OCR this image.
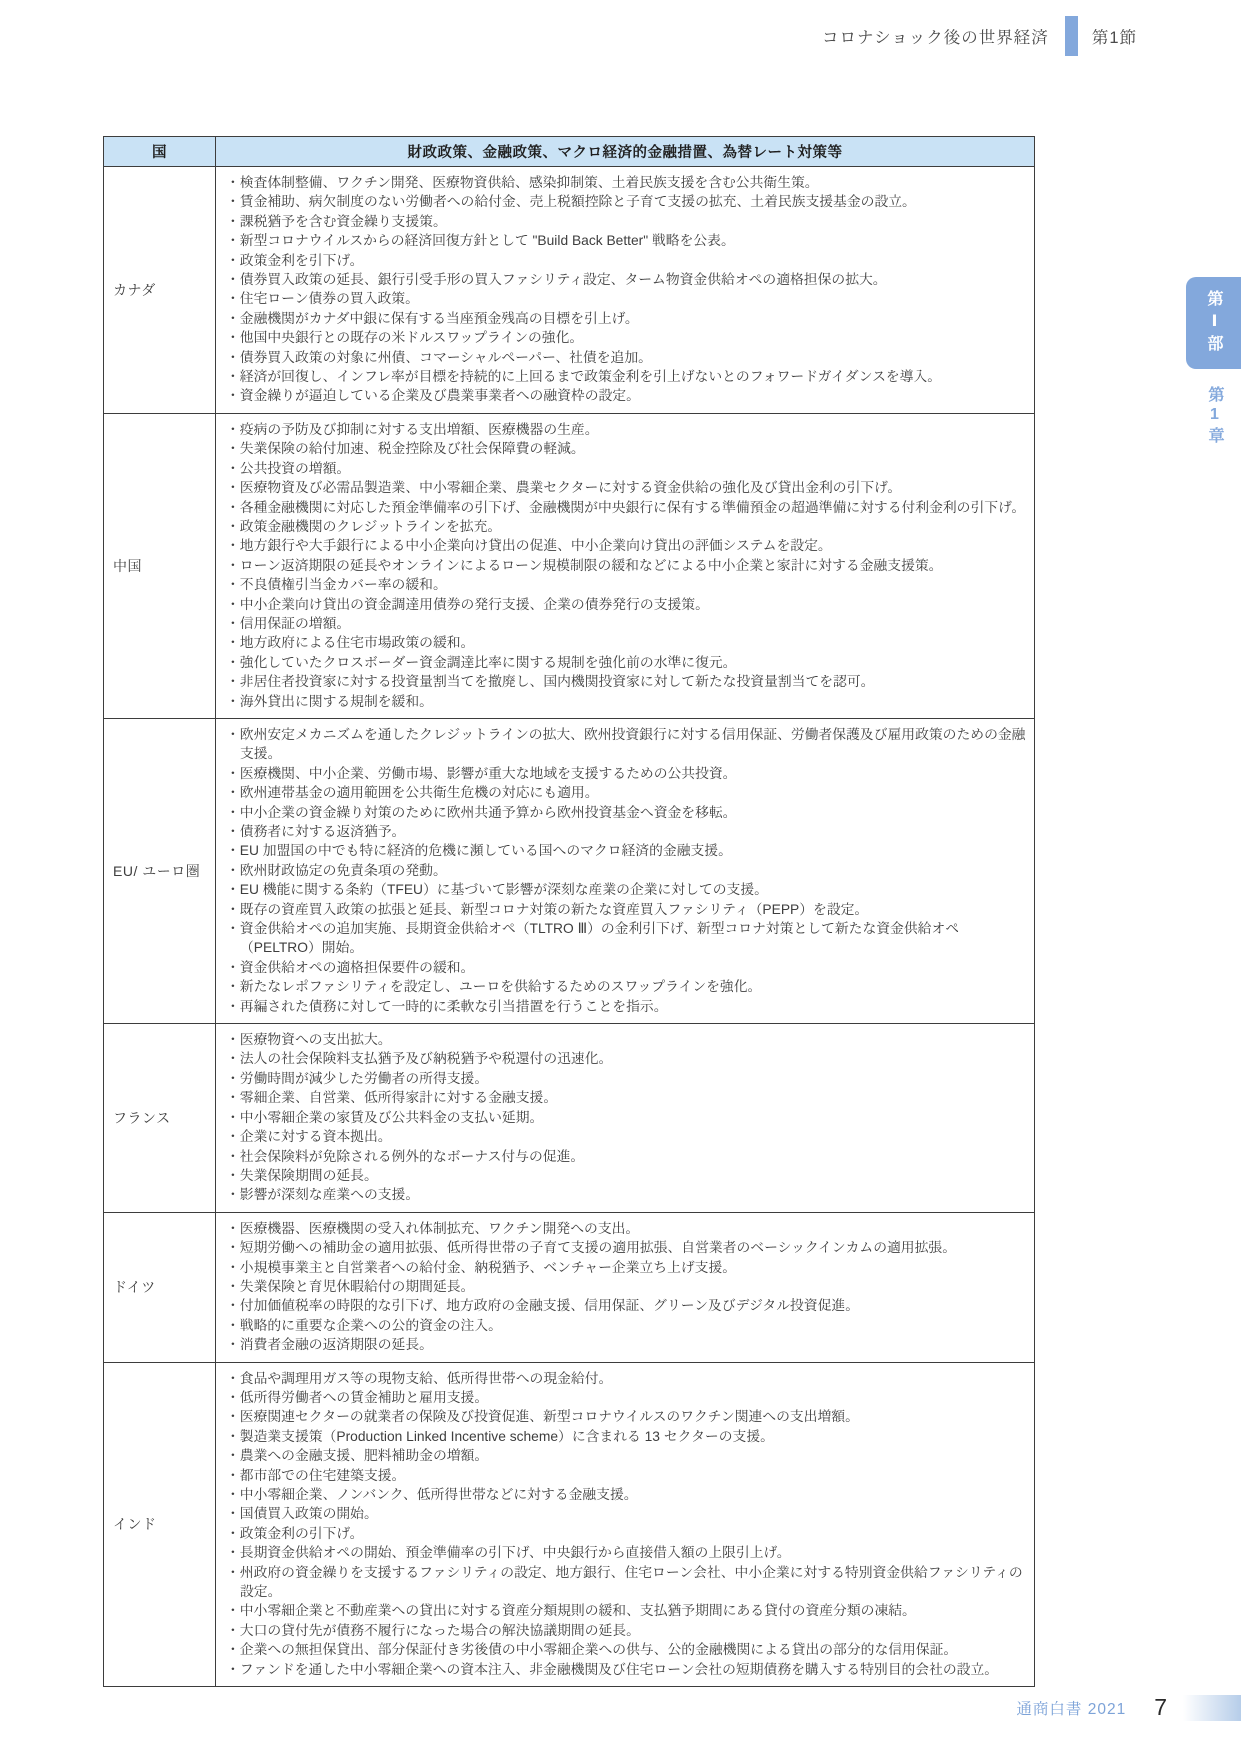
コロナショック後の世界経済	第1節
国	財政政策、金融政策、マクロ経済的金融措置、為替レート対策等
カナダ	
・ 検査体制整備、ワクチン開発、医療物資供給、感染抑制策、土着民族支援を含む公共衛生策。
・ 賃金補助、病欠制度のない労働者への給付金、売上税額控除と子育て支援の拡充、土着民族支援基金の設立。
・ 課税猶予を含む資金繰り支援策。
・ 新型コロナウイルスからの経済回復方針として "Build Back Better" 戦略を公表。
・ 政策金利を引下げ。
・ 債券買入政策の延長、銀行引受手形の買入ファシリティ設定、ターム物資金供給オペの適格担保の拡大。
・ 住宅ローン債券の買入政策。
・ 金融機関がカナダ中銀に保有する当座預金残高の目標を引上げ。
・ 他国中央銀行との既存の米ドルスワップラインの強化。
・ 債券買入政策の対象に州債、コマーシャルペーパー、社債を追加。
・ 経済が回復し、インフレ率が目標を持続的に上回るまで政策金利を引上げないとのフォワードガイダンスを導入。
・ 資金繰りが逼迫している企業及び農業事業者への融資枠の設定。

中国	
・ 疫病の予防及び抑制に対する支出増額、医療機器の生産。
・ 失業保険の給付加速、税金控除及び社会保障費の軽減。
・ 公共投資の増額。
・ 医療物資及び必需品製造業、中小零細企業、農業セクターに対する資金供給の強化及び貸出金利の引下げ。
・ 各種金融機関に対応した預金準備率の引下げ、金融機関が中央銀行に保有する準備預金の超過準備に対する付利金利の引下げ。
・ 政策金融機関のクレジットラインを拡充。
・ 地方銀行や大手銀行による中小企業向け貸出の促進、中小企業向け貸出の評価システムを設定。
・ ローン返済期限の延長やオンラインによるローン規模制限の緩和などによる中小企業と家計に対する金融支援策。
・ 不良債権引当金カバー率の緩和。
・ 中小企業向け貸出の資金調達用債券の発行支援、企業の債券発行の支援策。
・ 信用保証の増額。
・ 地方政府による住宅市場政策の緩和。
・ 強化していたクロスボーダー資金調達比率に関する規制を強化前の水準に復元。
・ 非居住者投資家に対する投資量割当てを撤廃し、国内機関投資家に対して新たな投資量割当てを認可。
・ 海外貸出に関する規制を緩和。

EU/ ユーロ圏	
・ 欧州安定メカニズムを通したクレジットラインの拡大、欧州投資銀行に対する信用保証、労働者保護及び雇用政策のための金融支援。
・ 医療機関、中小企業、労働市場、影響が重大な地域を支援するための公共投資。
・ 欧州連帯基金の適用範囲を公共衛生危機の対応にも適用。
・ 中小企業の資金繰り対策のために欧州共通予算から欧州投資基金へ資金を移転。
・ 債務者に対する返済猶予。
・ EU 加盟国の中でも特に経済的危機に瀕している国へのマクロ経済的金融支援。
・ 欧州財政協定の免責条項の発動。
・ EU 機能に関する条約（TFEU）に基づいて影響が深刻な産業の企業に対しての支援。
・ 既存の資産買入政策の拡張と延長、新型コロナ対策の新たな資産買入ファシリティ（PEPP）を設定。
・ 資金供給オペの追加実施、長期資金供給オペ（TLTRO Ⅲ）の金利引下げ、新型コロナ対策として新たな資金供給オペ（PELTRO）開始。
・ 資金供給オペの適格担保要件の緩和。
・ 新たなレポファシリティを設定し、ユーロを供給するためのスワップラインを強化。
・ 再編された債務に対して一時的に柔軟な引当措置を行うことを指示。

フランス	
・ 医療物資への支出拡大。
・ 法人の社会保険料支払猶予及び納税猶予や税還付の迅速化。
・ 労働時間が減少した労働者の所得支援。
・ 零細企業、自営業、低所得家計に対する金融支援。
・ 中小零細企業の家賃及び公共料金の支払い延期。
・ 企業に対する資本拠出。
・ 社会保険料が免除される例外的なボーナス付与の促進。
・ 失業保険期間の延長。
・ 影響が深刻な産業への支援。

ドイツ	
・ 医療機器、医療機関の受入れ体制拡充、ワクチン開発への支出。
・ 短期労働への補助金の適用拡張、低所得世帯の子育て支援の適用拡張、自営業者のベーシックインカムの適用拡張。
・ 小規模事業主と自営業者への給付金、納税猶予、ベンチャー企業立ち上げ支援。
・ 失業保険と育児休暇給付の期間延長。
・ 付加価値税率の時限的な引下げ、地方政府の金融支援、信用保証、グリーン及びデジタル投資促進。
・ 戦略的に重要な企業への公的資金の注入。
・ 消費者金融の返済期限の延長。

インド	
・ 食品や調理用ガス等の現物支給、低所得世帯への現金給付。
・ 低所得労働者への賃金補助と雇用支援。
・ 医療関連セクターの就業者の保険及び投資促進、新型コロナウイルスのワクチン関連への支出増額。
・ 製造業支援策（Production Linked Incentive scheme）に含まれる 13 セクターの支援。
・ 農業への金融支援、肥料補助金の増額。
・ 都市部での住宅建築支援。
・ 中小零細企業、ノンバンク、低所得世帯などに対する金融支援。
・ 国債買入政策の開始。
・ 政策金利の引下げ。
・ 長期資金供給オペの開始、預金準備率の引下げ、中央銀行から直接借入額の上限引上げ。
・ 州政府の資金繰りを支援するファシリティの設定、地方銀行、住宅ローン会社、中小企業に対する特別資金供給ファシリティの設定。
・ 中小零細企業と不動産業への貸出に対する資産分類規則の緩和、支払猶予期間にある貸付の資産分類の凍結。
・ 大口の貸付先が債務不履行になった場合の解決協議期間の延長。
・ 企業への無担保貸出、部分保証付き劣後債の中小零細企業への供与、公的金融機関による貸出の部分的な信用保証。
・ ファンドを通した中小零細企業への資本注入、非金融機関及び住宅ローン会社の短期債務を購入する特別目的会社の設立。
第Ⅰ部
第1章
通商白書 2021 7
